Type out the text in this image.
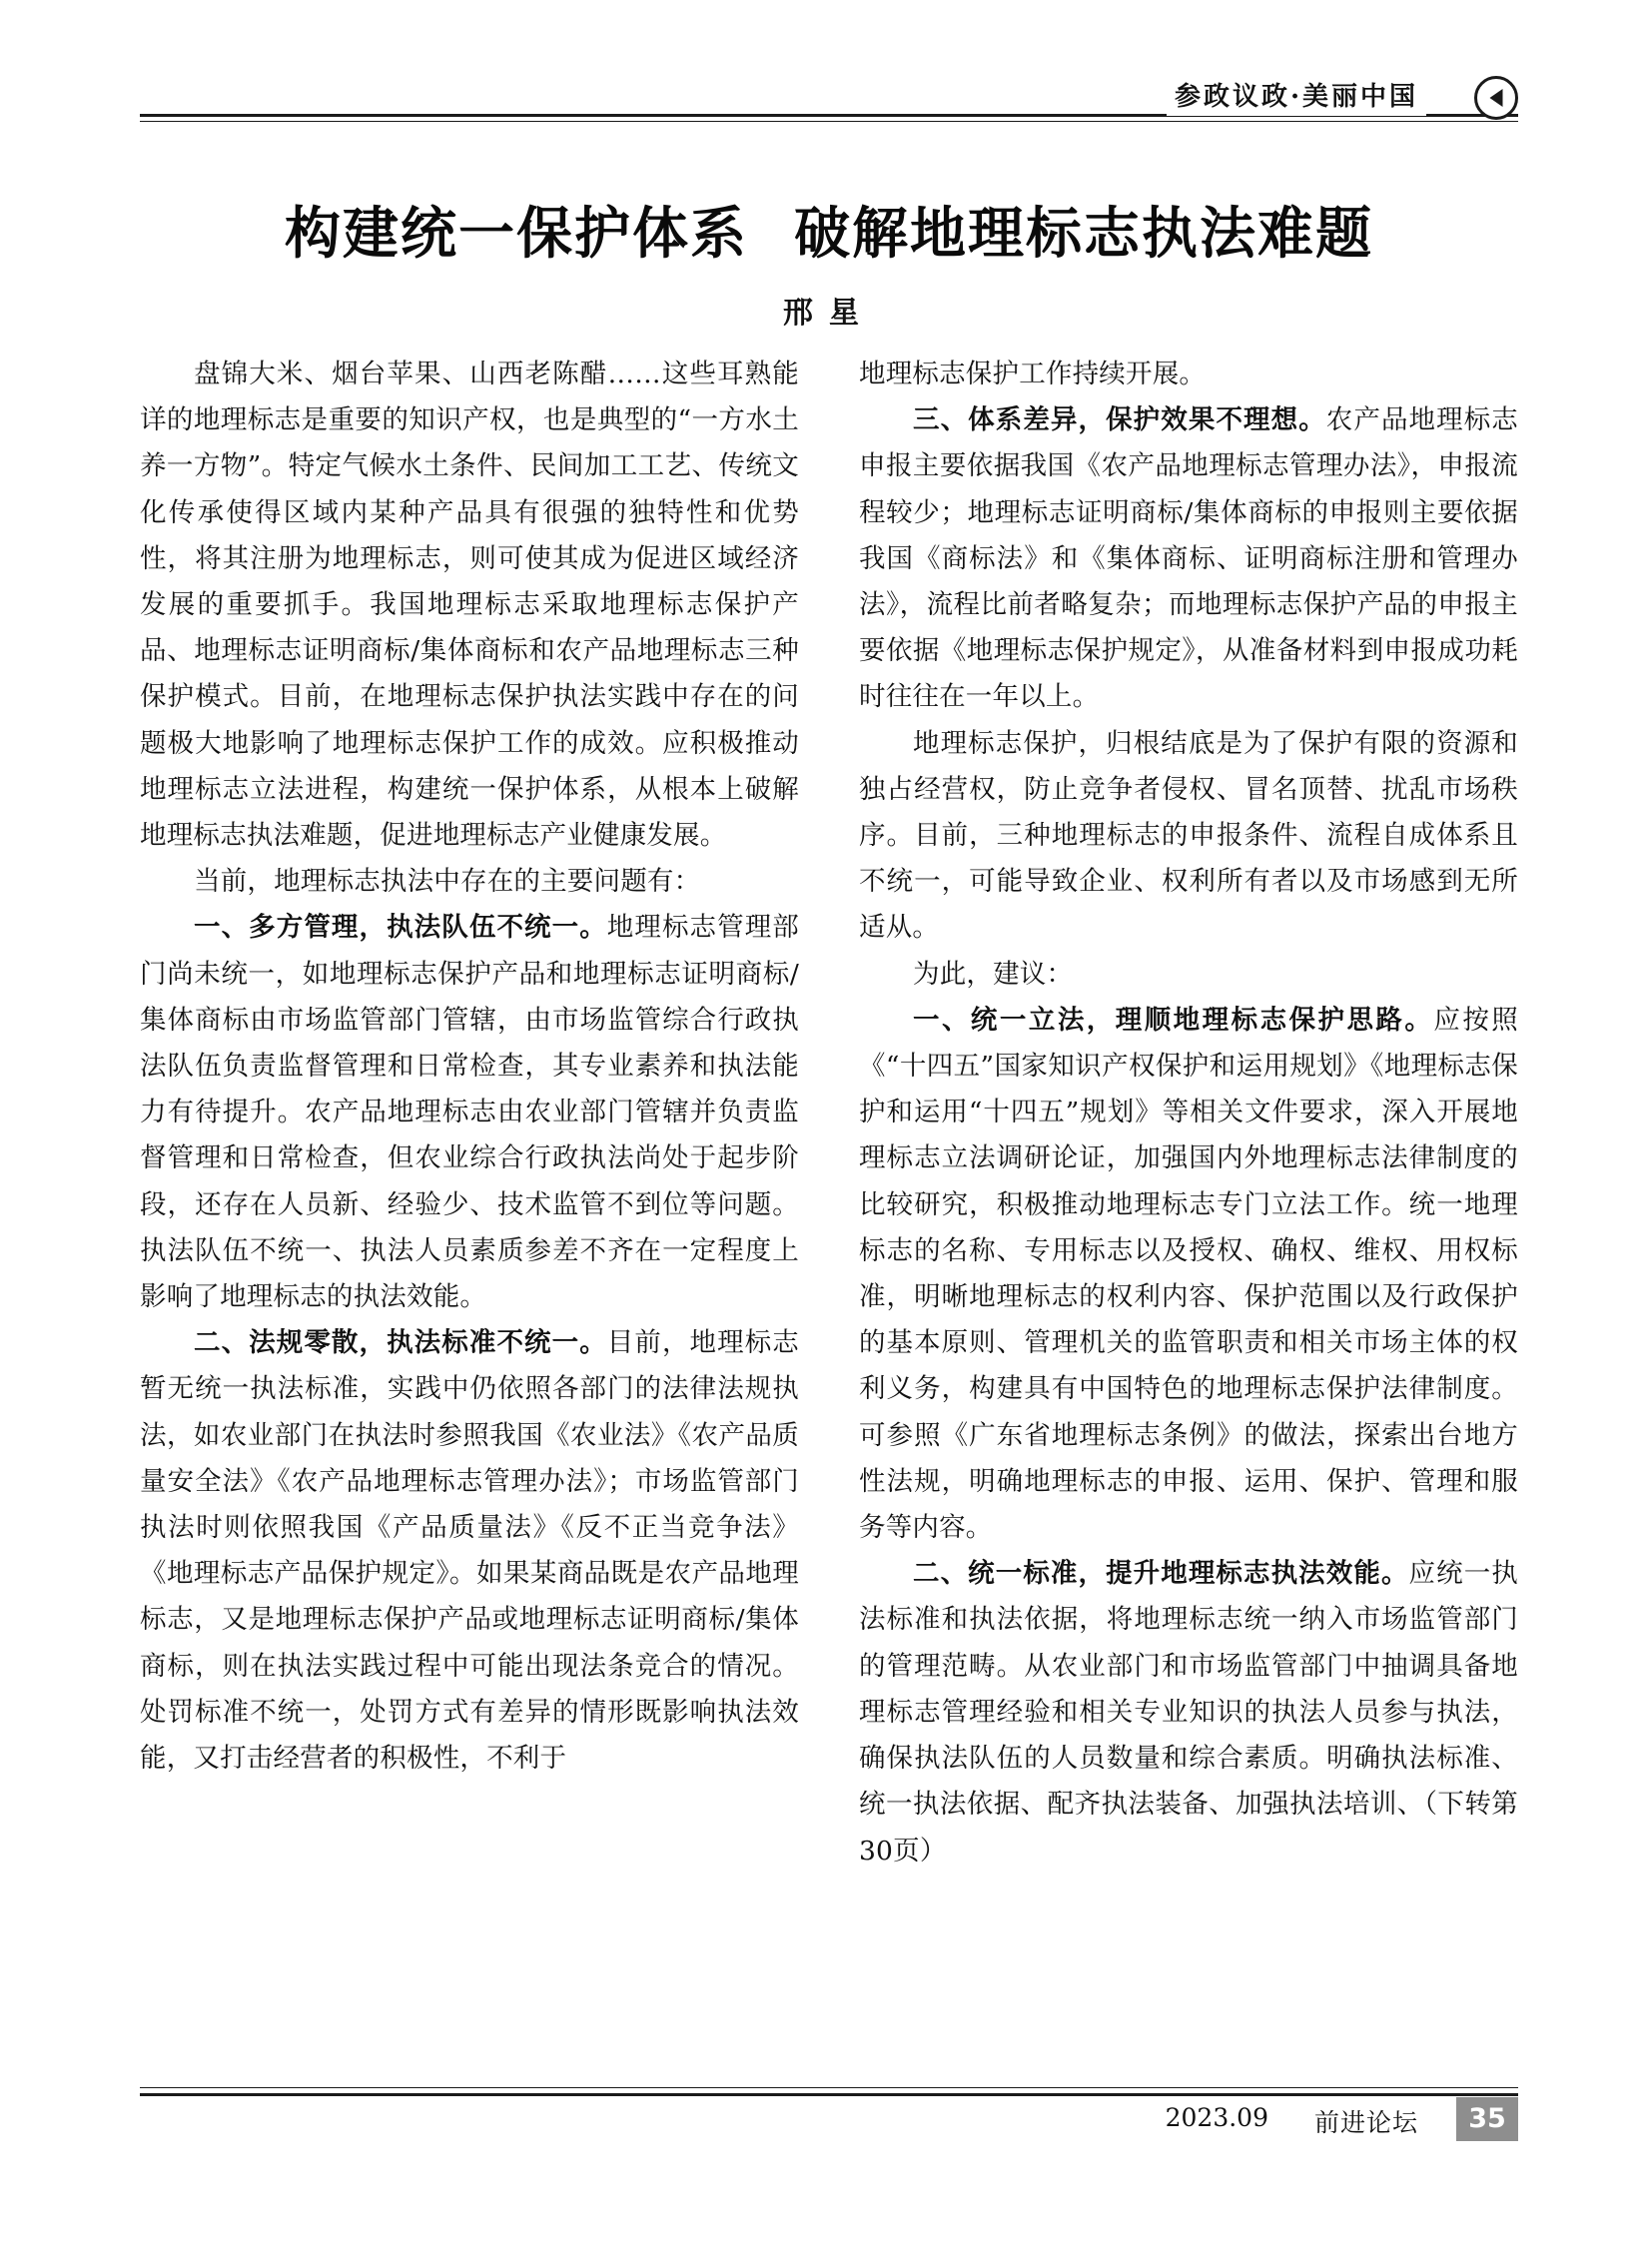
参政议政·美丽中国
构建统一保护体系 破解地理标志执法难题
邢星

盘锦大米、烟台苹果、山西老陈醋……这些耳熟能详的地理标志是重要的知识产权，也是典型的“一方水土养一方物”。特定气候水土条件、民间加工工艺、传统文化传承使得区域内某种产品具有很强的独特性和优势性，将其注册为地理标志，则可使其成为促进区域经济发展的重要抓手。我国地理标志采取地理标志保护产品、地理标志证明商标/集体商标和农产品地理标志三种保护模式。目前，在地理标志保护执法实践中存在的问题极大地影响了地理标志保护工作的成效。应积极推动地理标志立法进程，构建统一保护体系，从根本上破解地理标志执法难题，促进地理标志产业健康发展。

当前，地理标志执法中存在的主要问题有：

一、多方管理，执法队伍不统一。地理标志管理部门尚未统一，如地理标志保护产品和地理标志证明商标/集体商标由市场监管部门管辖，由市场监管综合行政执法队伍负责监督管理和日常检查，其专业素养和执法能力有待提升。农产品地理标志由农业部门管辖并负责监督管理和日常检查，但农业综合行政执法尚处于起步阶段，还存在人员新、经验少、技术监管不到位等问题。执法队伍不统一、执法人员素质参差不齐在一定程度上影响了地理标志的执法效能。

二、法规零散，执法标准不统一。目前，地理标志暂无统一执法标准，实践中仍依照各部门的法律法规执法，如农业部门在执法时参照我国《农业法》《农产品质量安全法》《农产品地理标志管理办法》；市场监管部门执法时则依照我国《产品质量法》《反不正当竞争法》《地理标志产品保护规定》。如果某商品既是农产品地理标志，又是地理标志保护产品或地理标志证明商标/集体商标，则在执法实践过程中可能出现法条竞合的情况。处罚标准不统一，处罚方式有差异的情形既影响执法效能，又打击经营者的积极性，不利于

地理标志保护工作持续开展。

三、体系差异，保护效果不理想。农产品地理标志申报主要依据我国《农产品地理标志管理办法》，申报流程较少；地理标志证明商标/集体商标的申报则主要依据我国《商标法》和《集体商标、证明商标注册和管理办法》，流程比前者略复杂；而地理标志保护产品的申报主要依据《地理标志保护规定》，从准备材料到申报成功耗时往往在一年以上。

地理标志保护，归根结底是为了保护有限的资源和独占经营权，防止竞争者侵权、冒名顶替、扰乱市场秩序。目前，三种地理标志的申报条件、流程自成体系且不统一，可能导致企业、权利所有者以及市场感到无所适从。

为此，建议：

一、统一立法，理顺地理标志保护思路。应按照《“十四五”国家知识产权保护和运用规划》《地理标志保护和运用“十四五”规划》等相关文件要求，深入开展地理标志立法调研论证，加强国内外地理标志法律制度的比较研究，积极推动地理标志专门立法工作。统一地理标志的名称、专用标志以及授权、确权、维权、用权标准，明晰地理标志的权利内容、保护范围以及行政保护的基本原则、管理机关的监管职责和相关市场主体的权利义务，构建具有中国特色的地理标志保护法律制度。可参照《广东省地理标志条例》的做法，探索出台地方性法规，明确地理标志的申报、运用、保护、管理和服务等内容。

二、统一标准，提升地理标志执法效能。应统一执法标准和执法依据，将地理标志统一纳入市场监管部门的管理范畴。从农业部门和市场监管部门中抽调具备地理标志管理经验和相关专业知识的执法人员参与执法，确保执法队伍的人员数量和综合素质。明确执法标准、统一执法依据、配齐执法装备、加强执法培训、（下转第30页）

2023.09 前进论坛	35
